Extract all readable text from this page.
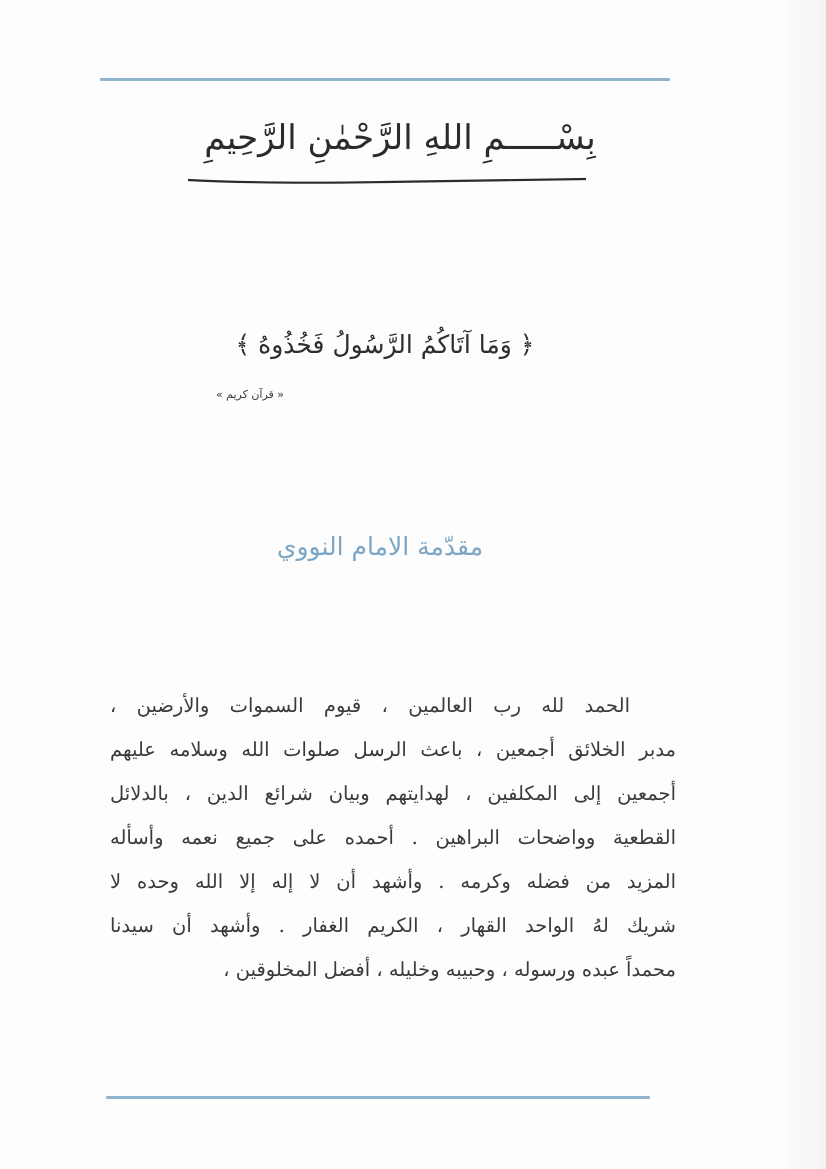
بِسْـــــمِ اللهِ الرَّحْمٰنِ الرَّحِيمِ
﴿ وَمَا آتَاكُمُ الرَّسُولُ فَخُذُوهُ ﴾
« قرآن كريم »
مقدّمة الامام النووي
الحمد لله رب العالمين ، قيوم السموات والأرضين ،
مدبر الخلائق أجمعين ، باعث الرسل صلوات الله وسلامه عليهم
أجمعين إلى المكلفين ، لهدايتهم وبيان شرائع الدين ، بالدلائل
القطعية وواضحات البراهين . أحمده على جميع نعمه وأسأله
المزيد من فضله وكرمه . وأشهد أن لا إله إلا الله وحده لا
شريك لهُ الواحد القهار ، الكريم الغفار . وأشهد أن سيدنا
محمداً عبده ورسوله ، وحبيبه وخليله ، أفضل المخلوقين ،
